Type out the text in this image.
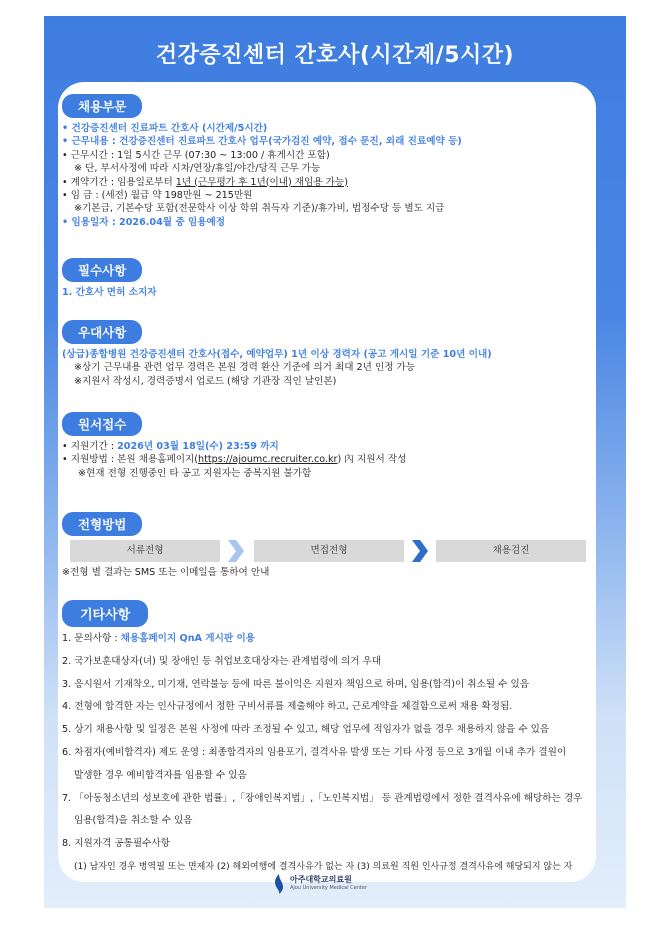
건강증진센터 간호사(시간제/5시간)
채용부문
• 건강증진센터 진료파트 간호사 (시간제/5시간)
• 근무내용 : 건강증진센터 진료파트 간호사 업무(국가검진 예약, 접수 문진, 외래 진료예약 등)
• 근무시간 : 1일 5시간 근무 (07:30 ~ 13:00 / 휴게시간 포함)
※ 단, 부서사정에 따라 시차/연장/휴일/야간/당직 근무 가능
• 계약기간 : 임용일로부터 1년 (근무평가 후 1년(이내) 재임용 가능)
• 임 금 : (세전) 월급 약 198만원 ~ 215만원
※기본급, 기본수당 포함(전문학사 이상 학위 취득자 기준)/휴가비, 법정수당 등 별도 지급
• 임용일자 : 2026.04월 중 임용예정
필수사항
1. 간호사 면허 소지자
우대사항
(상급)종합병원 건강증진센터 간호사(접수, 예약업무) 1년 이상 경력자 (공고 게시일 기준 10년 이내)
※상기 근무내용 관련 업무 경력은 본원 경력 환산 기준에 의거 최대 2년 인정 가능
※지원서 작성시, 경력증명서 업로드 (해당 기관장 직인 날인본)
원서접수
• 지원기간 : 2026년 03월 18일(수) 23:59 까지
• 지원방법 : 본원 채용홈페이지(https://ajoumc.recruiter.co.kr) 內 지원서 작성
※현재 전형 진행중인 타 공고 지원자는 중복지원 불가함
전형방법
서류전형	면접전형	채용검진
※전형 별 결과는 SMS 또는 이메일을 통하여 안내
기타사항
1. 문의사항 : 채용홈페이지 QnA 게시판 이용
2. 국가보훈대상자(녀) 및 장애인 등 취업보호대상자는 관계법령에 의거 우대
3. 응시원서 기재착오, 미기재, 연락불능 등에 따른 불이익은 지원자 책임으로 하며, 임용(합격)이 취소될 수 있음
4. 전형에 합격한 자는 인사규정에서 정한 구비서류를 제출해야 하고, 근로계약을 체결함으로써 채용 확정됨.
5. 상기 채용사항 및 일정은 본원 사정에 따라 조정될 수 있고, 해당 업무에 적임자가 없을 경우 채용하지 않을 수 있음
6. 차점자(예비합격자) 제도 운영 : 최종합격자의 임용포기, 결격사유 발생 또는 기타 사정 등으로 3개월 이내 추가 결원이
발생한 경우 예비합격자를 임용할 수 있음
7. 「아동청소년의 성보호에 관한 법률」,「장애인복지법」,「노인복지법」 등 관계법령에서 정한 결격사유에 해당하는 경우
임용(합격)을 취소할 수 있음
8. 지원자격 공통필수사항
(1) 남자인 경우 병역필 또는 면제자 (2) 해외여행에 결격사유가 없는 자 (3) 의료원 직원 인사규정 결격사유에 해당되지 않는 자
아주대학교의료원
Ajou University Medical Center
